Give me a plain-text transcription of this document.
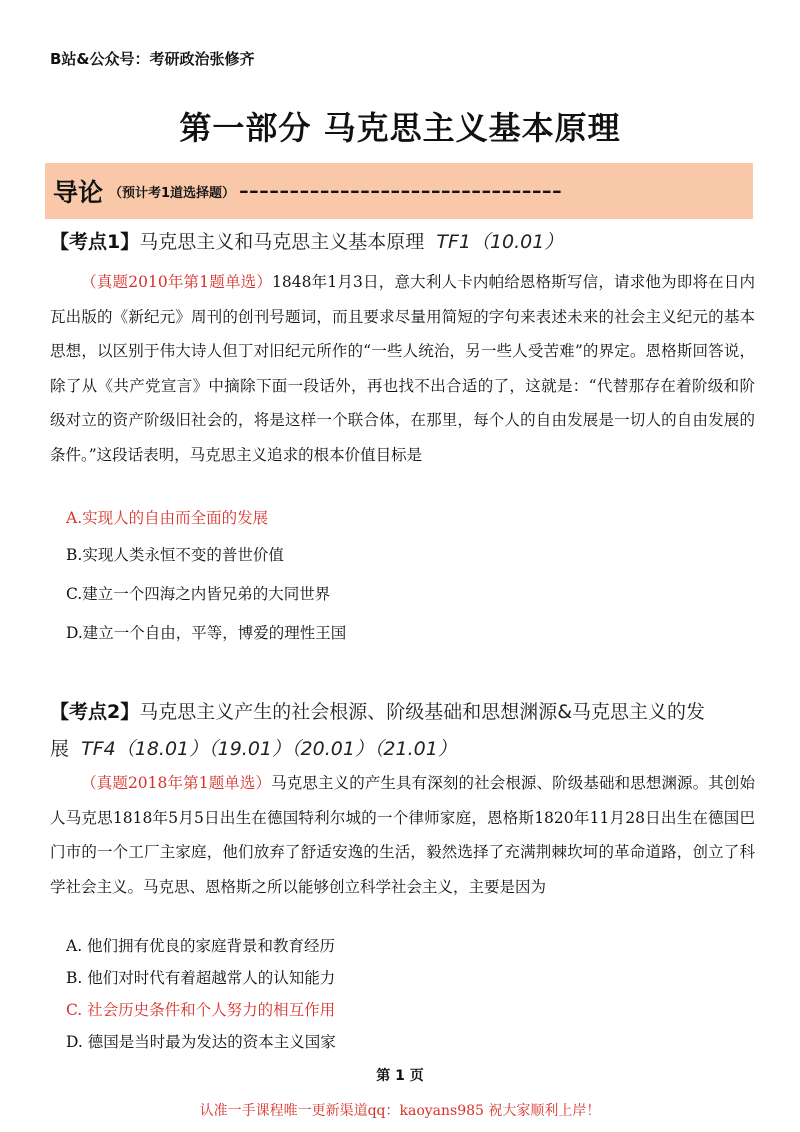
B站&公众号：考研政治张修齐
第一部分 马克思主义基本原理
导论 （预计考1道选择题） ––––––––––––––––––––––––––––––––
【考点1】马克思主义和马克思主义基本原理 TF1（10.01）

（真题2010年第1题单选）1848年1月3日，意大利人卡内帕给恩格斯写信，请求他为即将在日内瓦出版的《新纪元》周刊的创刊号题词，而且要求尽量用简短的字句来表述未来的社会主义纪元的基本思想，以区别于伟大诗人但丁对旧纪元所作的“一些人统治，另一些人受苦难”的界定。恩格斯回答说，除了从《共产党宣言》中摘除下面一段话外，再也找不出合适的了，这就是：“代替那存在着阶级和阶级对立的资产阶级旧社会的，将是这样一个联合体，在那里，每个人的自由发展是一切人的自由发展的条件。”这段话表明，马克思主义追求的根本价值目标是

A.实现人的自由而全面的发展
B.实现人类永恒不变的普世价值
C.建立一个四海之内皆兄弟的大同世界
D.建立一个自由，平等，博爱的理性王国
【考点2】马克思主义产生的社会根源、阶级基础和思想渊源&马克思主义的发展 TF4（18.01）（19.01）（20.01）（21.01）

（真题2018年第1题单选）马克思主义的产生具有深刻的社会根源、阶级基础和思想渊源。其创始人马克思1818年5月5日出生在德国特利尔城的一个律师家庭，恩格斯1820年11月28日出生在德国巴门市的一个工厂主家庭，他们放弃了舒适安逸的生活，毅然选择了充满荆棘坎坷的革命道路，创立了科学社会主义。马克思、恩格斯之所以能够创立科学社会主义，主要是因为

A. 他们拥有优良的家庭背景和教育经历
B. 他们对时代有着超越常人的认知能力
C. 社会历史条件和个人努力的相互作用
D. 德国是当时最为发达的资本主义国家
第 1 页
认准一手课程唯一更新渠道qq：kaoyans985 祝大家顺利上岸！
